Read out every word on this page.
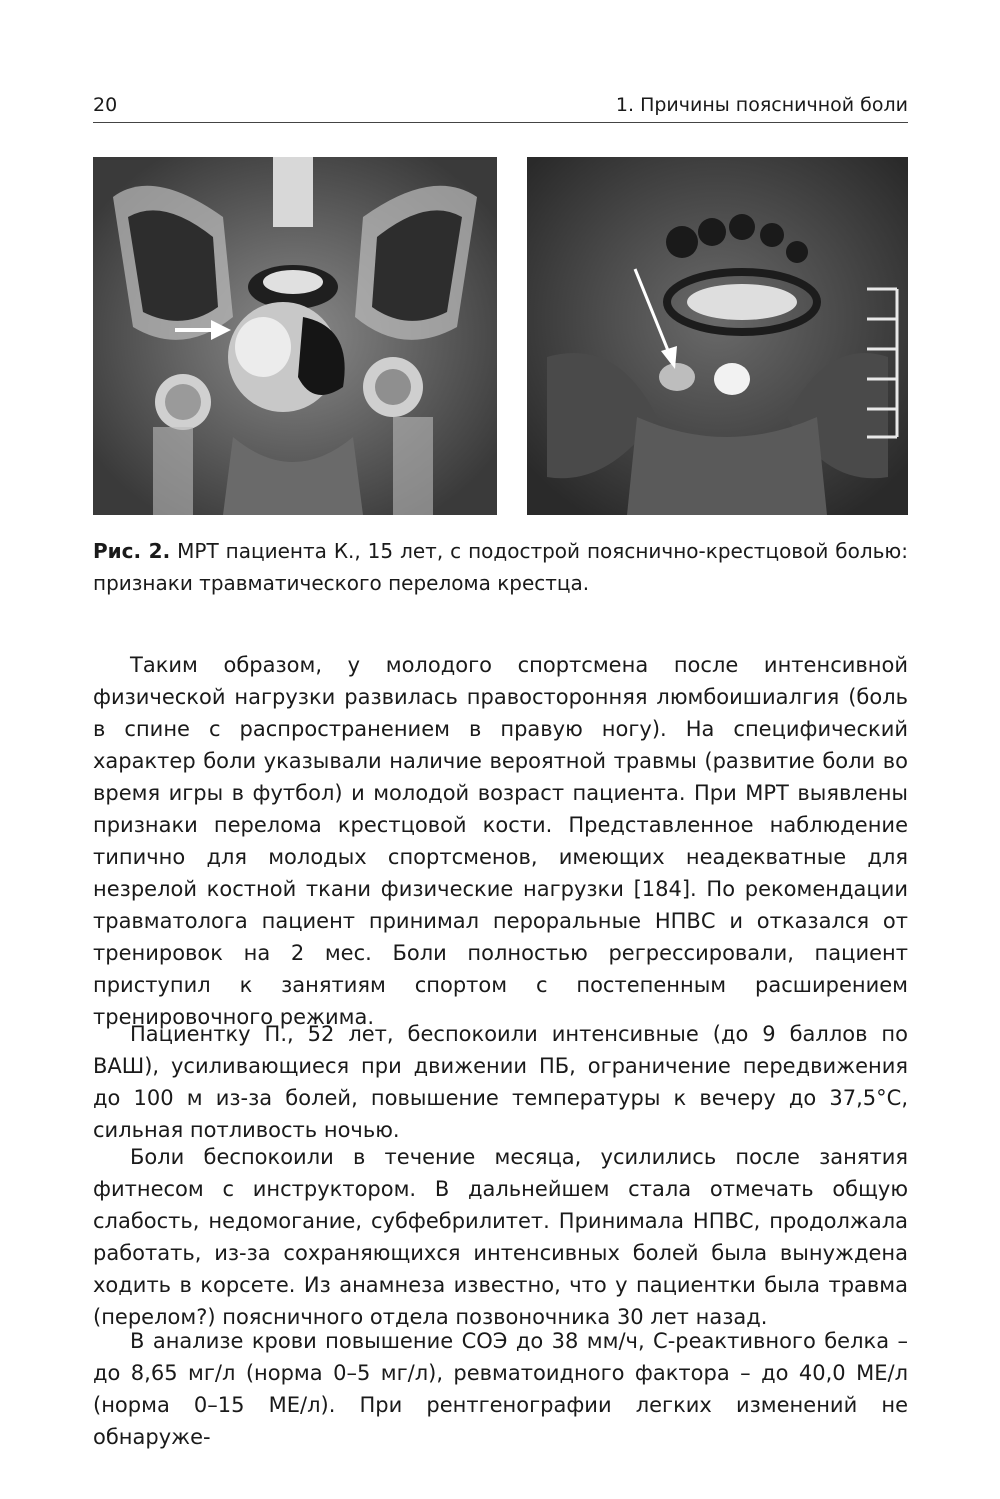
20	1. Причины поясничной боли
Рис. 2. МРТ пациента К., 15 лет, с подострой пояснично-крестцовой болью: признаки травматического перелома крестца.

Таким образом, у молодого спортсмена после интенсивной физической нагрузки развилась правосторонняя люмбоишиалгия (боль в спине с распространением в правую ногу). На специфический характер боли указывали наличие вероятной травмы (развитие боли во время игры в футбол) и молодой возраст пациента. При МРТ выявлены признаки перелома крестцовой кости. Представленное наблюдение типично для молодых спортсменов, имеющих неадекватные для незрелой костной ткани физические нагрузки [184]. По рекомендации травматолога пациент принимал пероральные НПВС и отказался от тренировок на 2 мес. Боли полностью регрессировали, пациент приступил к занятиям спортом с постепенным расширением тренировочного режима.

Пациентку П., 52 лет, беспокоили интенсивные (до 9 баллов по ВАШ), усиливающиеся при движении ПБ, ограничение передвижения до 100 м из-за болей, повышение температуры к вечеру до 37,5°С, сильная потливость ночью.

Боли беспокоили в течение месяца, усилились после занятия фитнесом с инструктором. В дальнейшем стала отмечать общую слабость, недомогание, субфебрилитет. Принимала НПВС, продолжала работать, из-за сохраняющихся интенсивных болей была вынуждена ходить в корсете. Из анамнеза известно, что у пациентки была травма (перелом?) поясничного отдела позвоночника 30 лет назад.

В анализе крови повышение СОЭ до 38 мм/ч, С-реактивного белка – до 8,65 мг/л (норма 0–5 мг/л), ревматоидного фактора – до 40,0 МЕ/л (норма 0–15 МЕ/л). При рентгенографии легких изменений не обнаруже-
